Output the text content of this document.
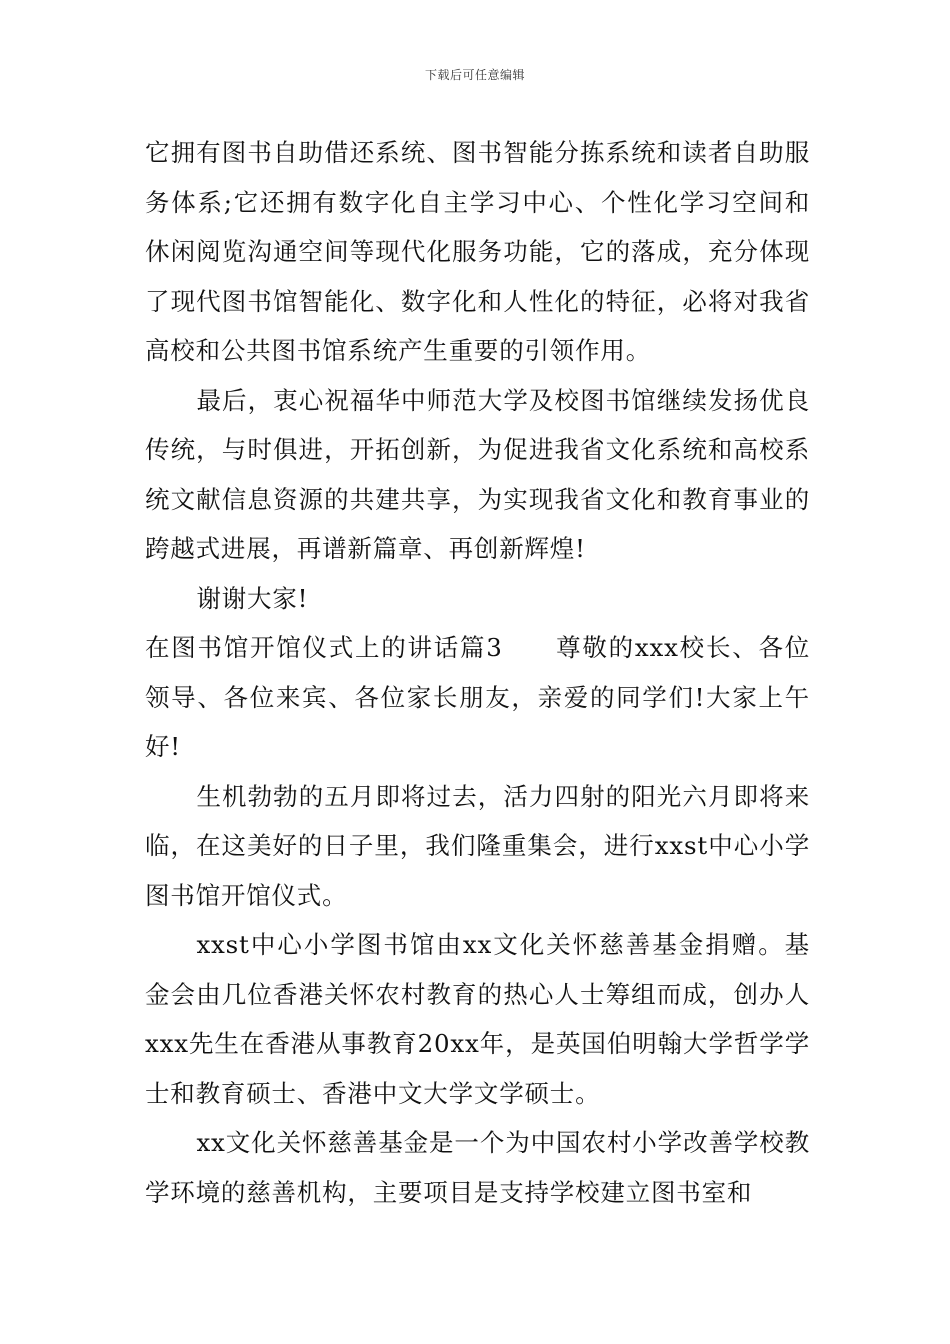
下载后可任意编辑

它拥有图书自助借还系统、图书智能分拣系统和读者自助服务体系;它还拥有数字化自主学习中心、个性化学习空间和休闲阅览沟通空间等现代化服务功能，它的落成，充分体现了现代图书馆智能化、数字化和人性化的特征，必将对我省高校和公共图书馆系统产生重要的引领作用。

最后，衷心祝福华中师范大学及校图书馆继续发扬优良传统，与时俱进，开拓创新，为促进我省文化系统和高校系统文献信息资源的共建共享，为实现我省文化和教育事业的跨越式进展，再谱新篇章、再创新辉煌!

谢谢大家!

在图书馆开馆仪式上的讲话篇3　　尊敬的xxx校长、各位领导、各位来宾、各位家长朋友，亲爱的同学们!大家上午好!

生机勃勃的五月即将过去，活力四射的阳光六月即将来临，在这美好的日子里，我们隆重集会，进行xxst中心小学图书馆开馆仪式。

xxst中心小学图书馆由xx文化关怀慈善基金捐赠。基金会由几位香港关怀农村教育的热心人士筹组而成，创办人xxx先生在香港从事教育20xx年，是英国伯明翰大学哲学学士和教育硕士、香港中文大学文学硕士。

xx文化关怀慈善基金是一个为中国农村小学改善学校教学环境的慈善机构，主要项目是支持学校建立图书室和
